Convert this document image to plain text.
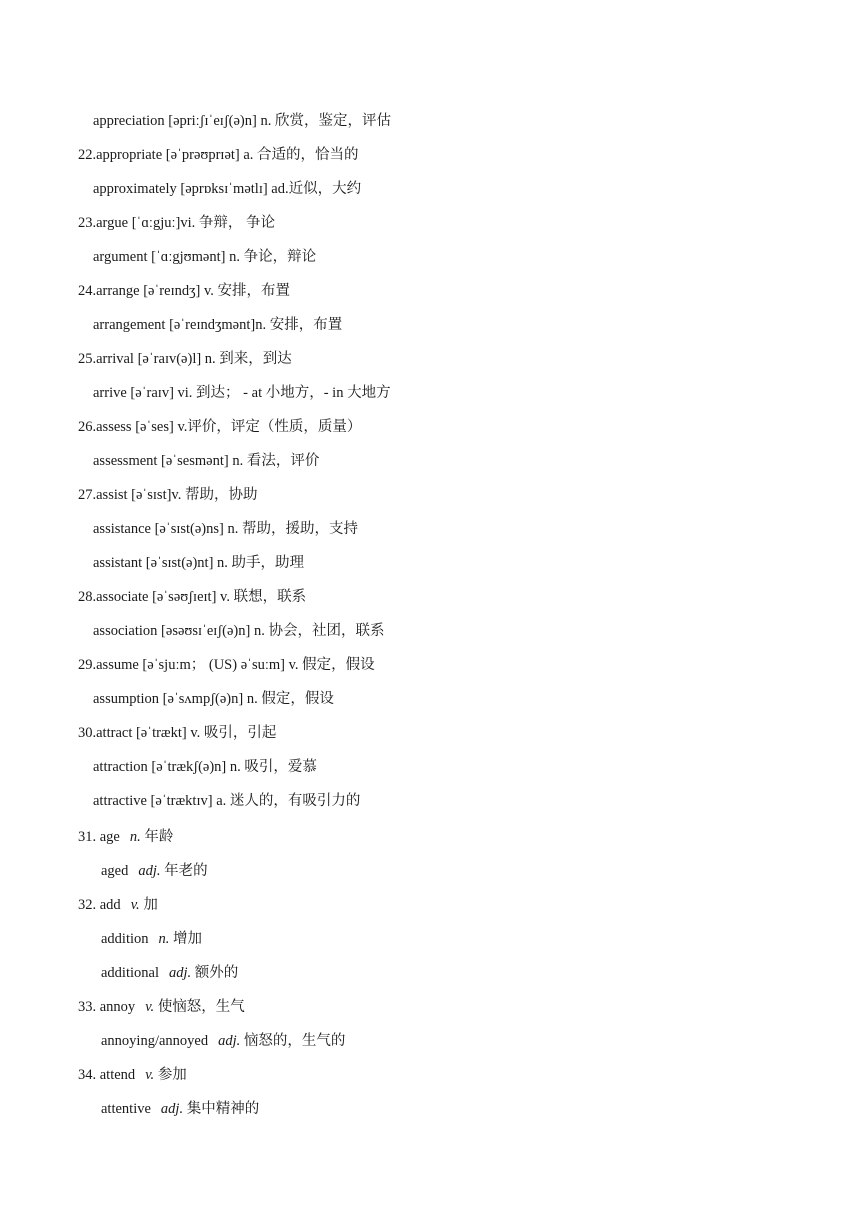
appreciation [əpriːʃɪˈeɪʃ(ə)n] n. 欣赏，鉴定，评估
22.appropriate [əˈprəʊprɪət] a. 合适的，恰当的
approximately [əprɒksɪˈmətlɪ] ad.近似，大约
23.argue [ˈɑːgjuː]vi. 争辩， 争论
argument [ˈɑːgjʊmənt] n. 争论，辩论
24.arrange [əˈreɪndʒ] v. 安排，布置
arrangement [əˈreɪndʒmənt]n. 安排，布置
25.arrival [əˈraɪv(ə)l] n. 到来，到达
arrive [əˈraɪv] vi. 到达； - at 小地方，- in 大地方
26.assess [əˈses] v.评价，评定（性质，质量）
assessment [əˈsesmənt] n. 看法，评价
27.assist [əˈsɪst]v. 帮助，协助
assistance [əˈsɪst(ə)ns] n. 帮助，援助，支持
assistant [əˈsɪst(ə)nt] n. 助手，助理
28.associate [əˈsəʊʃɪeɪt] v. 联想，联系
association [əsəʊsɪˈeɪʃ(ə)n] n. 协会，社团，联系
29.assume [əˈsjuːm； (US) əˈsuːm] v. 假定，假设
assumption [əˈsʌmpʃ(ə)n] n. 假定，假设
30.attract [əˈtrækt] v. 吸引，引起
attraction [əˈtrækʃ(ə)n] n. 吸引，爱慕
attractive [əˈtræktɪv] a. 迷人的，有吸引力的
31. age n. 年龄
aged adj. 年老的
32. add v. 加
addition n. 增加
additional adj. 额外的
33. annoy v. 使恼怒，生气
annoying/annoyed adj. 恼怒的，生气的
34. attend v. 参加
attentive adj. 集中精神的
